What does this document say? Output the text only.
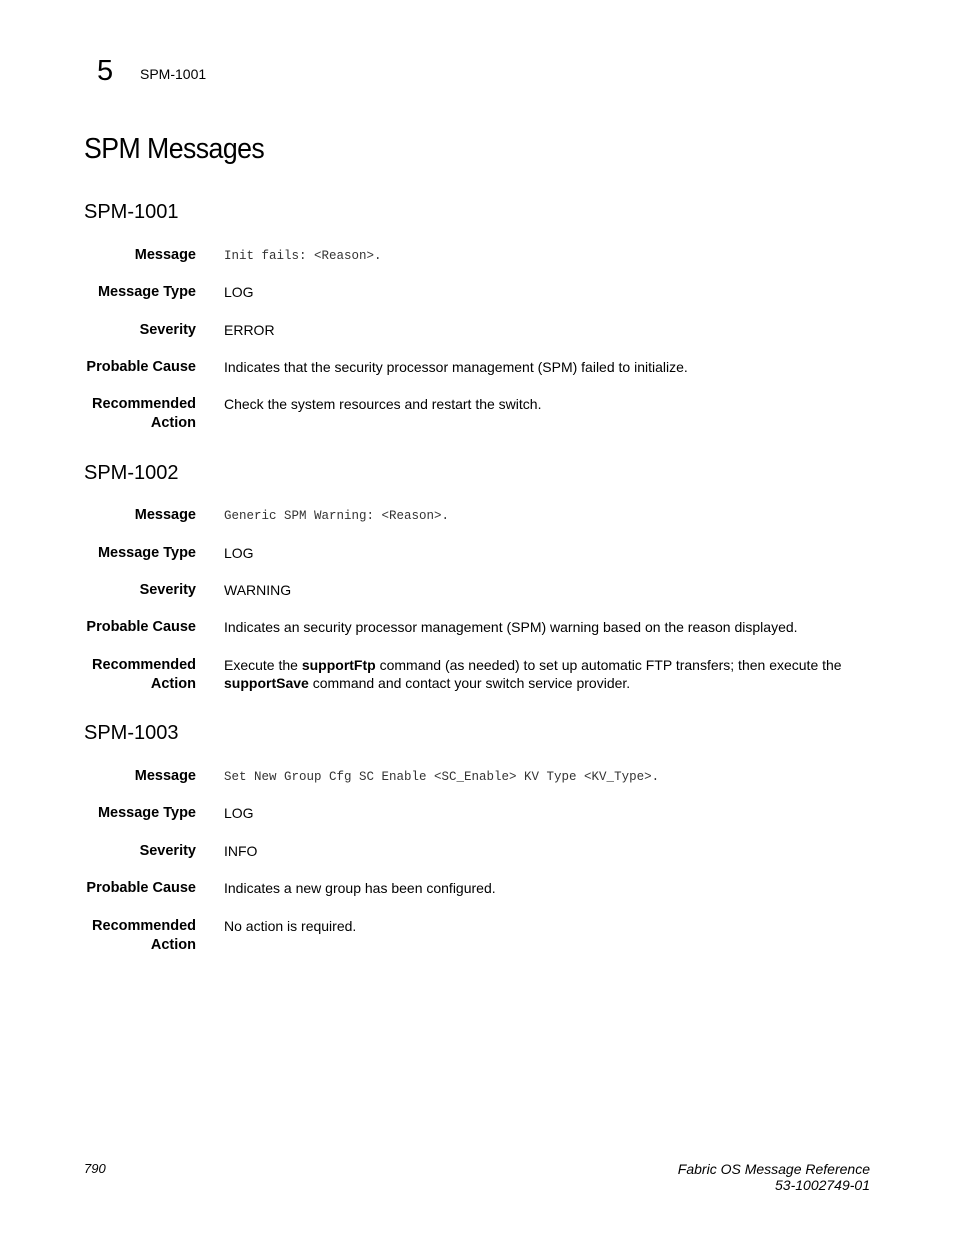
5 SPM-1001
SPM Messages
SPM-1001
Message Init fails: <Reason>.
Message Type LOG
Severity ERROR
Probable Cause Indicates that the security processor management (SPM) failed to initialize.
Recommended
Action
Check the system resources and restart the switch.
SPM-1002
Message Generic SPM Warning: <Reason>.
Message Type LOG
Severity WARNING
Probable Cause Indicates an security processor management (SPM) warning based on the reason displayed.
Recommended
Action
Execute the supportFtp command (as needed) to set up automatic FTP transfers; then execute the supportSave command and contact your switch service provider.
SPM-1003
Message Set New Group Cfg SC Enable <SC_Enable> KV Type <KV_Type>.
Message Type LOG
Severity INFO
Probable Cause Indicates a new group has been configured.
Recommended
Action
No action is required.
790	Fabric OS Message Reference
53-1002749-01
